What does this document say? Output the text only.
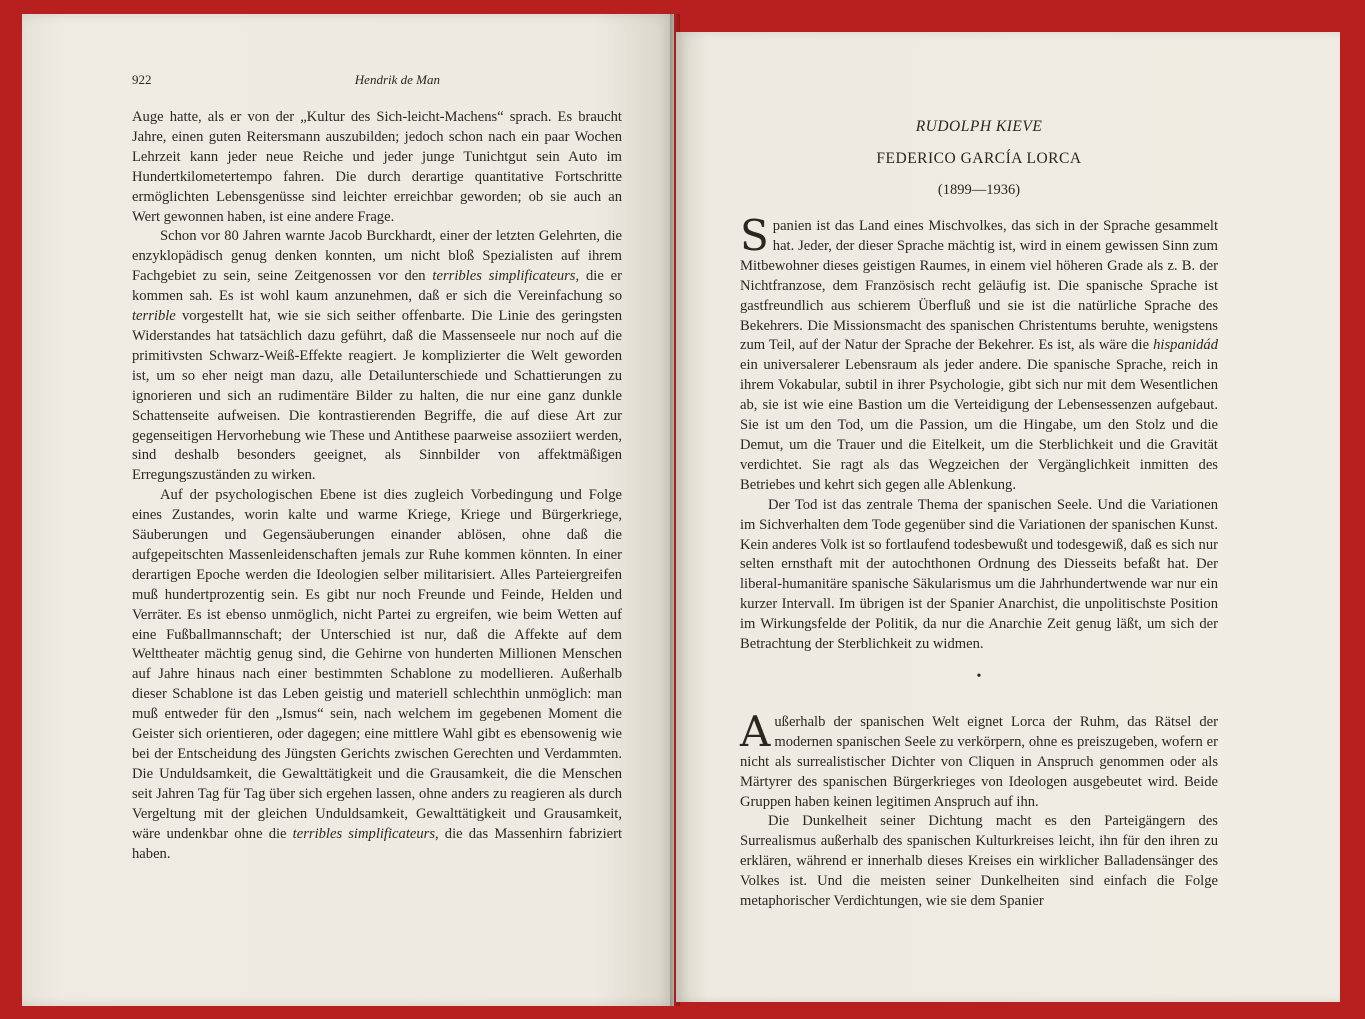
922	Hendrik de Man

Auge hatte, als er von der „Kultur des Sich-leicht-Machens“ sprach. Es braucht Jahre, einen guten Reitersmann auszubilden; jedoch schon nach ein paar Wochen Lehrzeit kann jeder neue Reiche und jeder junge Tunichtgut sein Auto im Hundertkilometertempo fahren. Die durch derartige quantitative Fortschritte ermöglichten Lebensgenüsse sind leichter erreichbar geworden; ob sie auch an Wert gewonnen haben, ist eine andere Frage.

Schon vor 80 Jahren warnte Jacob Burckhardt, einer der letzten Gelehrten, die enzyklopädisch genug denken konnten, um nicht bloß Spezialisten auf ihrem Fachgebiet zu sein, seine Zeitgenossen vor den terribles simplificateurs, die er kommen sah. Es ist wohl kaum anzunehmen, daß er sich die Vereinfachung so terrible vorgestellt hat, wie sie sich seither offenbarte. Die Linie des geringsten Widerstandes hat tatsächlich dazu geführt, daß die Massenseele nur noch auf die primitivsten Schwarz-Weiß-Effekte reagiert. Je komplizierter die Welt geworden ist, um so eher neigt man dazu, alle Detailunterschiede und Schattierungen zu ignorieren und sich an rudimentäre Bilder zu halten, die nur eine ganz dunkle Schattenseite aufweisen. Die kontrastierenden Begriffe, die auf diese Art zur gegenseitigen Hervorhebung wie These und Antithese paarweise assoziiert werden, sind deshalb besonders geeignet, als Sinnbilder von affektmäßigen Erregungszuständen zu wirken.

Auf der psychologischen Ebene ist dies zugleich Vorbedingung und Folge eines Zustandes, worin kalte und warme Kriege, Kriege und Bürgerkriege, Säuberungen und Gegensäuberungen einander ablösen, ohne daß die aufgepeitschten Massenleidenschaften jemals zur Ruhe kommen könnten. In einer derartigen Epoche werden die Ideologien selber militarisiert. Alles Parteiergreifen muß hundertprozentig sein. Es gibt nur noch Freunde und Feinde, Helden und Verräter. Es ist ebenso unmöglich, nicht Partei zu ergreifen, wie beim Wetten auf eine Fußballmannschaft; der Unterschied ist nur, daß die Affekte auf dem Welttheater mächtig genug sind, die Gehirne von hunderten Millionen Menschen auf Jahre hinaus nach einer bestimmten Schablone zu modellieren. Außerhalb dieser Schablone ist das Leben geistig und materiell schlechthin unmöglich: man muß entweder für den „Ismus“ sein, nach welchem im gegebenen Moment die Geister sich orientieren, oder dagegen; eine mittlere Wahl gibt es ebensowenig wie bei der Entscheidung des Jüngsten Gerichts zwischen Gerechten und Verdammten. Die Unduldsamkeit, die Gewalttätigkeit und die Grausamkeit, die die Menschen seit Jahren Tag für Tag über sich ergehen lassen, ohne anders zu reagieren als durch Vergeltung mit der gleichen Unduldsamkeit, Gewalttätigkeit und Grausamkeit, wäre undenkbar ohne die terribles simplificateurs, die das Massenhirn fabriziert haben.

RUDOLPH KIEVE
FEDERICO GARCÍA LORCA
(1899—1936)

Spanien ist das Land eines Mischvolkes, das sich in der Sprache gesammelt hat. Jeder, der dieser Sprache mächtig ist, wird in einem gewissen Sinn zum Mitbewohner dieses geistigen Raumes, in einem viel höheren Grade als z. B. der Nichtfranzose, dem Französisch recht geläufig ist. Die spanische Sprache ist gastfreundlich aus schierem Überfluß und sie ist die natürliche Sprache des Bekehrers. Die Missionsmacht des spanischen Christentums beruhte, wenigstens zum Teil, auf der Natur der Sprache der Bekehrer. Es ist, als wäre die hispanidád ein universalerer Lebensraum als jeder andere. Die spanische Sprache, reich in ihrem Vokabular, subtil in ihrer Psychologie, gibt sich nur mit dem Wesentlichen ab, sie ist wie eine Bastion um die Verteidigung der Lebensessenzen aufgebaut. Sie ist um den Tod, um die Passion, um die Hingabe, um den Stolz und die Demut, um die Trauer und die Eitelkeit, um die Sterblichkeit und die Gravität verdichtet. Sie ragt als das Wegzeichen der Vergänglichkeit inmitten des Betriebes und kehrt sich gegen alle Ablenkung.

Der Tod ist das zentrale Thema der spanischen Seele. Und die Variationen im Sichverhalten dem Tode gegenüber sind die Variationen der spanischen Kunst. Kein anderes Volk ist so fortlaufend todesbewußt und todesgewiß, daß es sich nur selten ernsthaft mit der autochthonen Ordnung des Diesseits befaßt hat. Der liberal-humanitäre spanische Säkularismus um die Jahrhundertwende war nur ein kurzer Intervall. Im übrigen ist der Spanier Anarchist, die unpolitischste Position im Wirkungsfelde der Politik, da nur die Anarchie Zeit genug läßt, um sich der Betrachtung der Sterblichkeit zu widmen.

•

Außerhalb der spanischen Welt eignet Lorca der Ruhm, das Rätsel der modernen spanischen Seele zu verkörpern, ohne es preiszugeben, wofern er nicht als surrealistischer Dichter von Cliquen in Anspruch genommen oder als Märtyrer des spanischen Bürgerkrieges von Ideologen ausgebeutet wird. Beide Gruppen haben keinen legitimen Anspruch auf ihn.

Die Dunkelheit seiner Dichtung macht es den Parteigängern des Surrealismus außerhalb des spanischen Kulturkreises leicht, ihn für den ihren zu erklären, während er innerhalb dieses Kreises ein wirklicher Balladensänger des Volkes ist. Und die meisten seiner Dunkelheiten sind einfach die Folge metaphorischer Verdichtungen, wie sie dem Spanier
